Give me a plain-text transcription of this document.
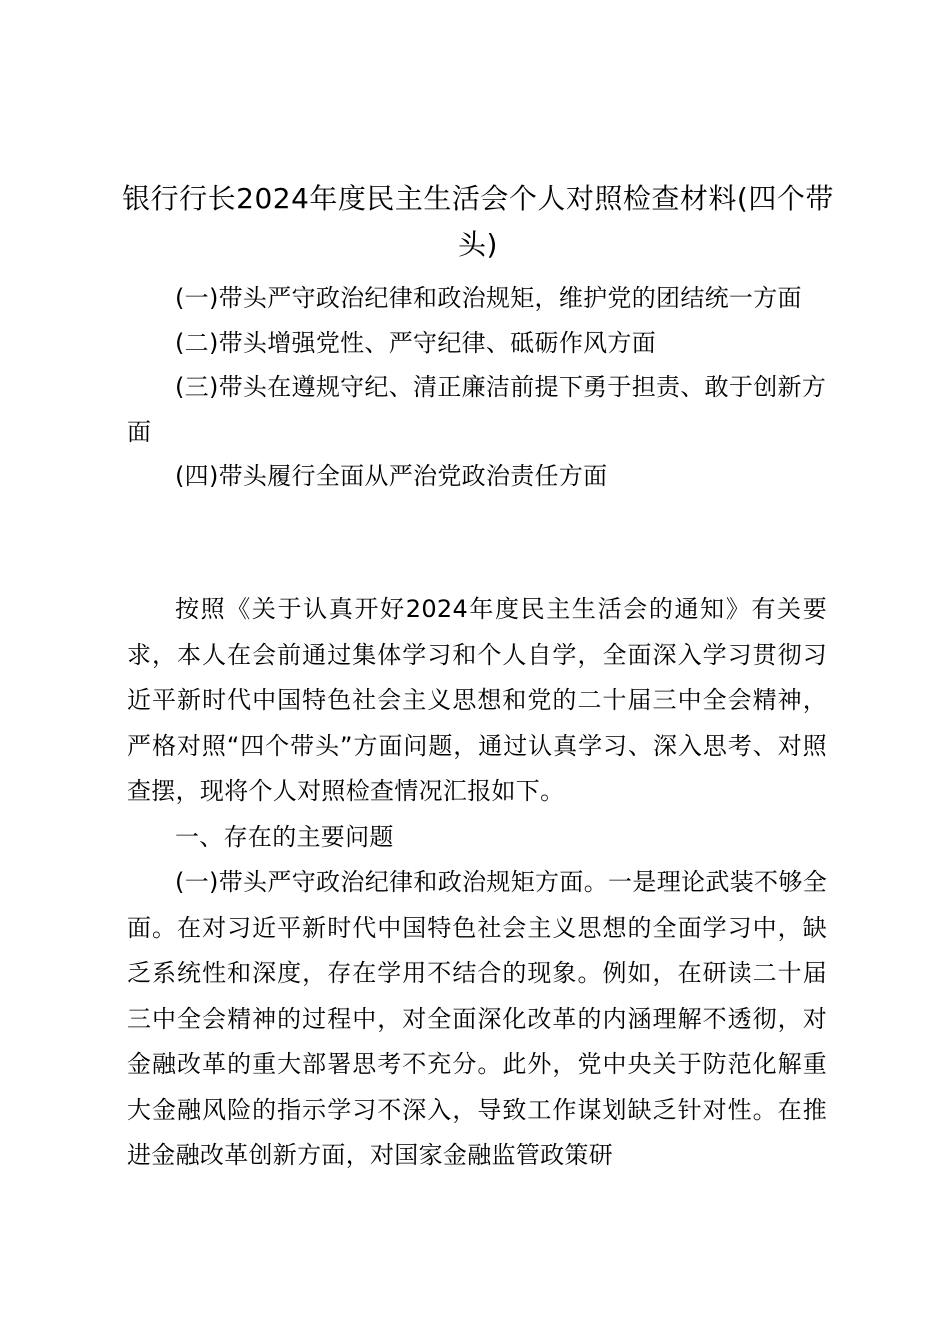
银行行长2024年度民主生活会个人对照检查材料(四个带头)
(一)带头严守政治纪律和政治规矩，维护党的团结统一方面
(二)带头增强党性、严守纪律、砥砺作风方面
(三)带头在遵规守纪、清正廉洁前提下勇于担责、敢于创新方面
(四)带头履行全面从严治党政治责任方面

按照《关于认真开好2024年度民主生活会的通知》有关要求，本人在会前通过集体学习和个人自学，全面深入学习贯彻习近平新时代中国特色社会主义思想和党的二十届三中全会精神，严格对照“四个带头”方面问题，通过认真学习、深入思考、对照查摆，现将个人对照检查情况汇报如下。

一、存在的主要问题

(一)带头严守政治纪律和政治规矩方面。一是理论武装不够全面。在对习近平新时代中国特色社会主义思想的全面学习中，缺乏系统性和深度，存在学用不结合的现象。例如，在研读二十届三中全会精神的过程中，对全面深化改革的内涵理解不透彻，对金融改革的重大部署思考不充分。此外，党中央关于防范化解重大金融风险的指示学习不深入，导致工作谋划缺乏针对性。在推进金融改革创新方面，对国家金融监管政策研
